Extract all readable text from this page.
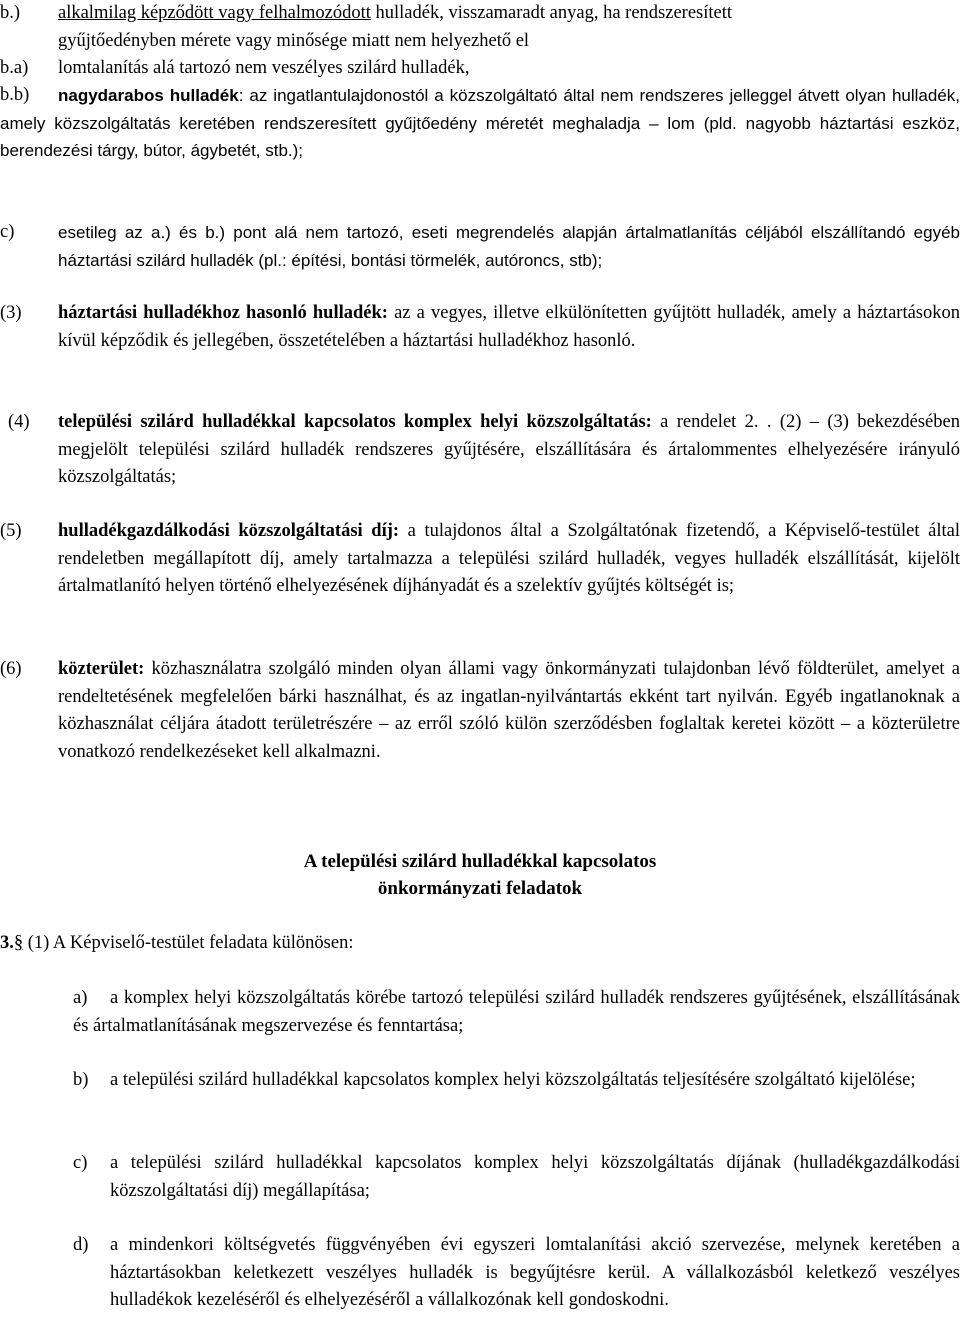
b.) alkalmilag képződött vagy felhalmozódott hulladék, visszamaradt anyag, ha rendszeresített
gyűjtőedényben mérete vagy minősége miatt nem helyezhető el
b.a) lomtalanítás alá tartozó nem veszélyes szilárd hulladék,
b.b)	nagydarabos hulladék: az ingatlantulajdonostól a közszolgáltató által nem rendszeres jelleggel átvett olyan hulladék, amely közszolgáltatás keretében rendszeresített gyűjtőedény méretét meghaladja – lom (pld. nagyobb háztartási eszköz, berendezési tárgy, bútor, ágybetét, stb.);
c)	esetileg az a.) és b.) pont alá nem tartozó, eseti megrendelés alapján ártalmatlanítás céljából elszállítandó egyéb háztartási szilárd hulladék (pl.: építési, bontási törmelék, autóroncs, stb);
(3) háztartási hulladékhoz hasonló hulladék: az a vegyes, illetve elkülönítetten gyűjtött hulladék, amely a háztartásokon kívül képződik és jellegében, összetételében a háztartási hulladékhoz hasonló.
(4) települési szilárd hulladékkal kapcsolatos komplex helyi közszolgáltatás: a rendelet 2. . (2) – (3) bekezdésében megjelölt települési szilárd hulladék rendszeres gyűjtésére, elszállítására és ártalommentes elhelyezésére irányuló közszolgáltatás;
(5) hulladékgazdálkodási közszolgáltatási díj: a tulajdonos által a Szolgáltatónak fizetendő, a Képviselő-testület által rendeletben megállapított díj, amely tartalmazza a települési szilárd hulladék, vegyes hulladék elszállítását, kijelölt ártalmatlanító helyen történő elhelyezésének díjhányadát és a szelektív gyűjtés költségét is;
(6) közterület: közhasználatra szolgáló minden olyan állami vagy önkormányzati tulajdonban lévő földterület, amelyet a rendeltetésének megfelelően bárki használhat, és az ingatlan-nyilvántartás ekként tart nyilván. Egyéb ingatlanoknak a közhasználat céljára átadott területrészére – az erről szóló külön szerződésben foglaltak keretei között – a közterületre vonatkozó rendelkezéseket kell alkalmazni.
A települési szilárd hulladékkal kapcsolatos
önkormányzati feladatok
3.§ (1) A Képviselő-testület feladata különösen:
a)	a komplex helyi közszolgáltatás körébe tartozó települési szilárd hulladék rendszeres gyűjtésének, elszállításának és ártalmatlanításának megszervezése és fenntartása;
b)	a települési szilárd hulladékkal kapcsolatos komplex helyi közszolgáltatás teljesítésére szolgáltató kijelölése;
c)	a települési szilárd hulladékkal kapcsolatos komplex helyi közszolgáltatás díjának (hulladékgazdálkodási közszolgáltatási díj) megállapítása;
d)	a mindenkori költségvetés függvényében évi egyszeri lomtalanítási akció szervezése, melynek keretében a háztartásokban keletkezett veszélyes hulladék is begyűjtésre kerül. A vállalkozásból keletkező veszélyes hulladékok kezeléséről és elhelyezéséről a vállalkozónak kell gondoskodni.
